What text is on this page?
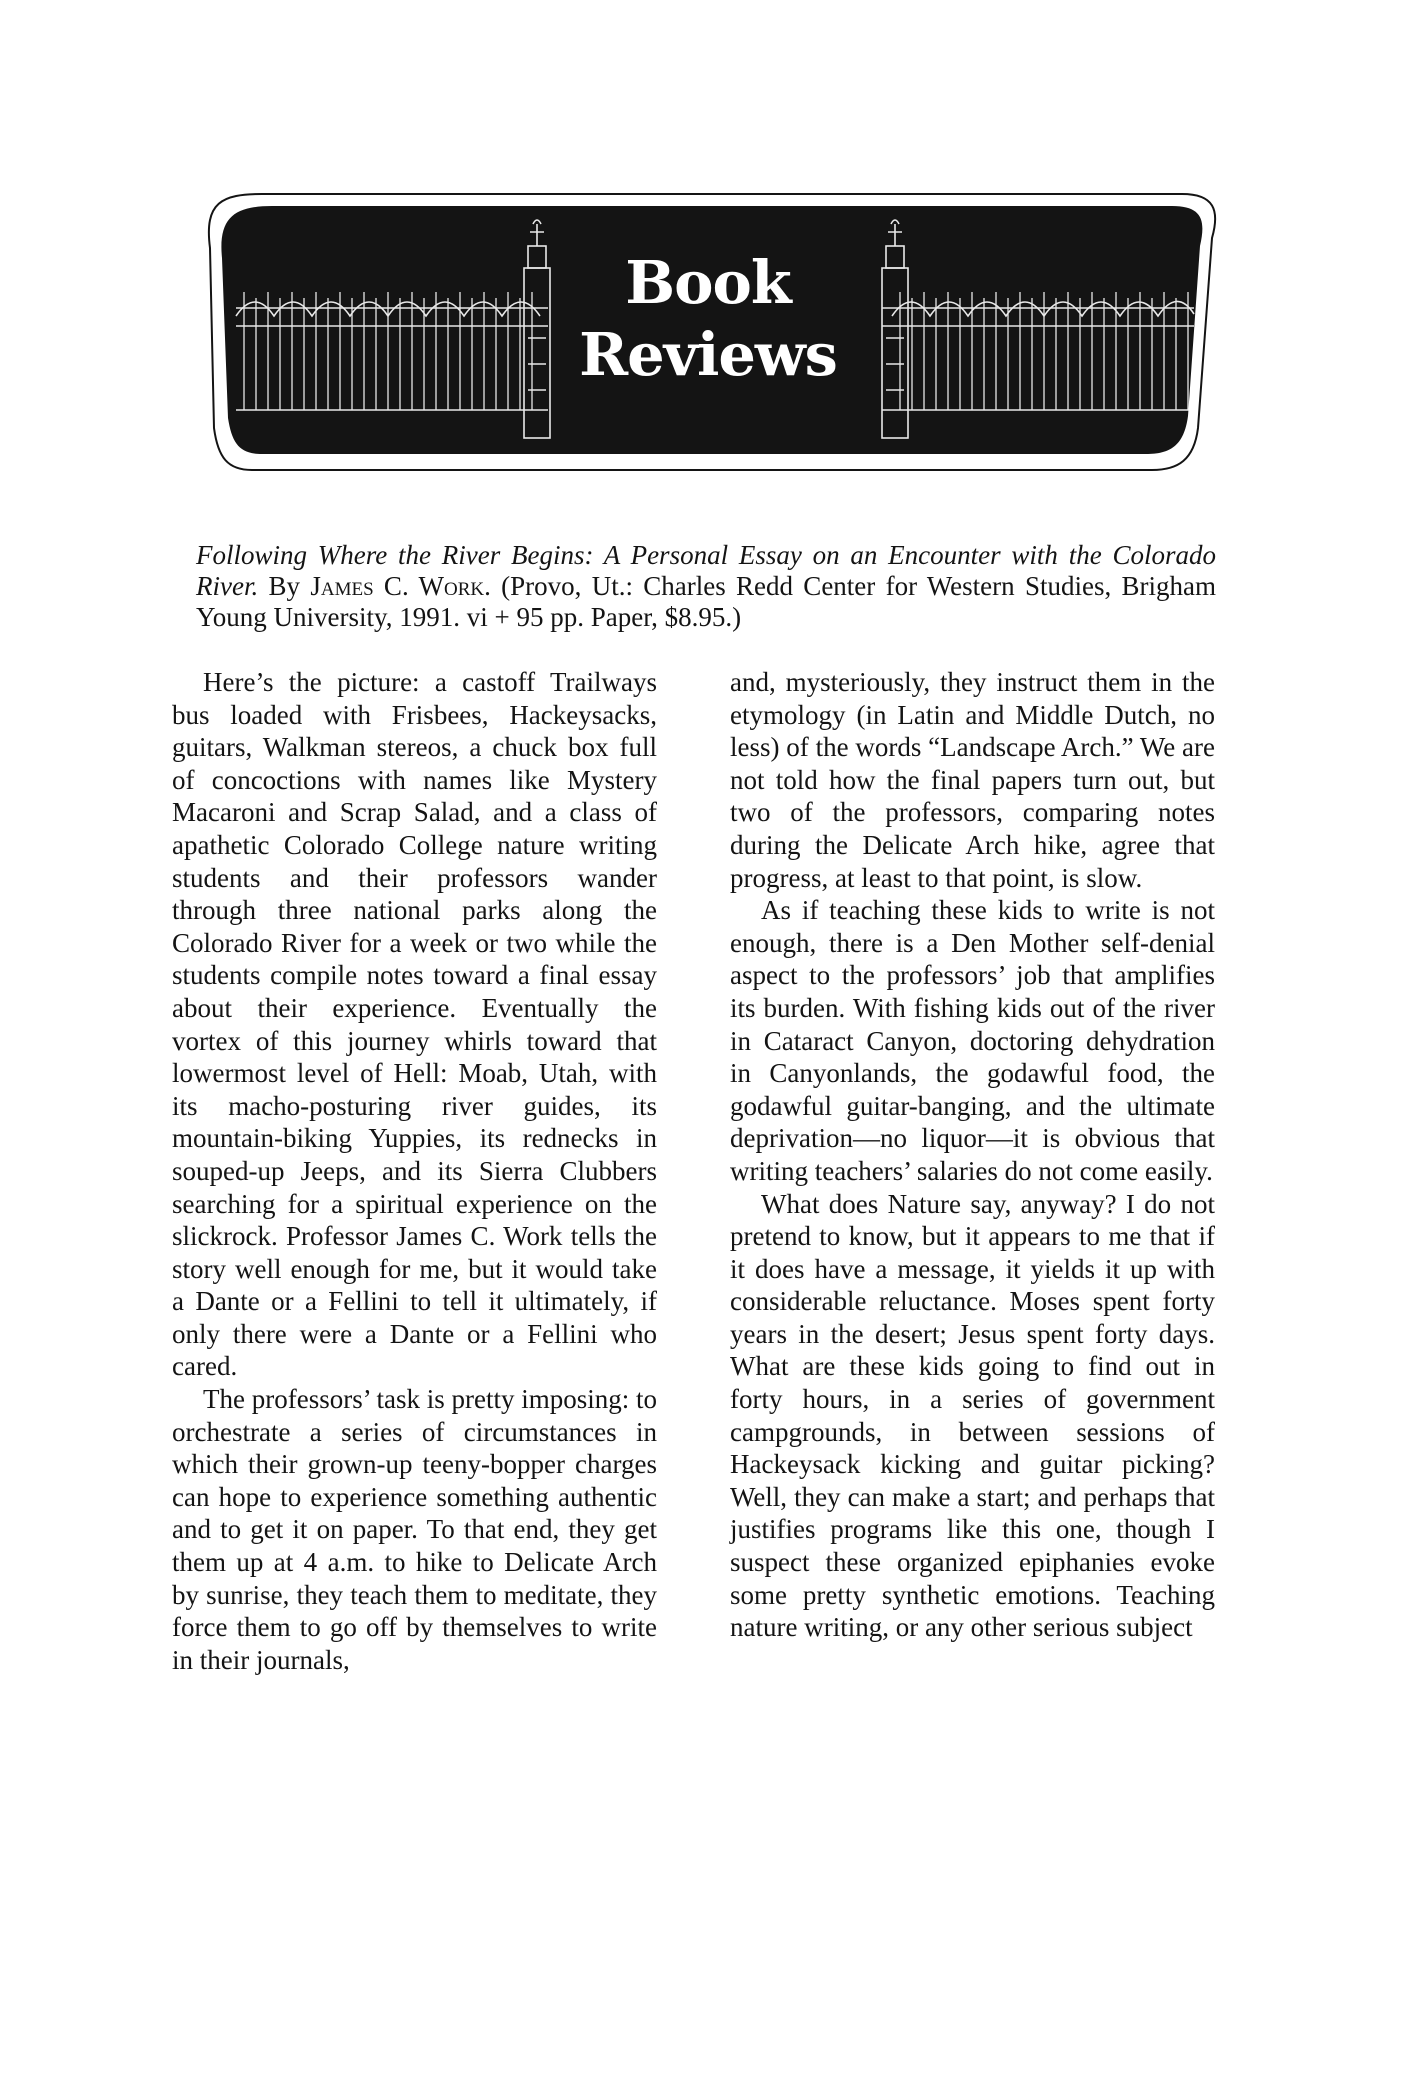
Book
Reviews
Following Where the River Begins: A Personal Essay on an Encounter with the Colorado River. By James C. Work. (Provo, Ut.: Charles Redd Center for Western Studies, Brigham Young University, 1991. vi + 95 pp. Paper, $8.95.)

Here’s the picture: a castoff Trailways bus loaded with Frisbees, Hackeysacks, guitars, Walkman stereos, a chuck box full of concoctions with names like Mystery Macaroni and Scrap Salad, and a class of apathetic Colorado College nature writing students and their professors wander through three national parks along the Colorado River for a week or two while the students compile notes toward a final essay about their experience. Eventually the vortex of this journey whirls toward that lowermost level of Hell: Moab, Utah, with its macho-posturing river guides, its mountain-biking Yuppies, its rednecks in souped-up Jeeps, and its Sierra Clubbers searching for a spiritual experience on the slickrock. Professor James C. Work tells the story well enough for me, but it would take a Dante or a Fellini to tell it ultimately, if only there were a Dante or a Fellini who cared.

The professors’ task is pretty imposing: to orchestrate a series of circumstances in which their grown-up teeny-bopper charges can hope to experience something authentic and to get it on paper. To that end, they get them up at 4 a.m. to hike to Delicate Arch by sunrise, they teach them to meditate, they force them to go off by themselves to write in their journals,

and, mysteriously, they instruct them in the etymology (in Latin and Middle Dutch, no less) of the words “Landscape Arch.” We are not told how the final papers turn out, but two of the professors, comparing notes during the Delicate Arch hike, agree that progress, at least to that point, is slow.

As if teaching these kids to write is not enough, there is a Den Mother self-denial aspect to the professors’ job that amplifies its burden. With fishing kids out of the river in Cataract Canyon, doctoring dehydration in Canyonlands, the godawful food, the godawful guitar-banging, and the ultimate deprivation—no liquor—it is obvious that writing teachers’ salaries do not come easily.

What does Nature say, anyway? I do not pretend to know, but it appears to me that if it does have a message, it yields it up with considerable reluctance. Moses spent forty years in the desert; Jesus spent forty days. What are these kids going to find out in forty hours, in a series of government campgrounds, in between sessions of Hackeysack kicking and guitar picking? Well, they can make a start; and perhaps that justifies programs like this one, though I suspect these organized epiphanies evoke some pretty synthetic emotions. Teaching nature writing, or any other serious subject
